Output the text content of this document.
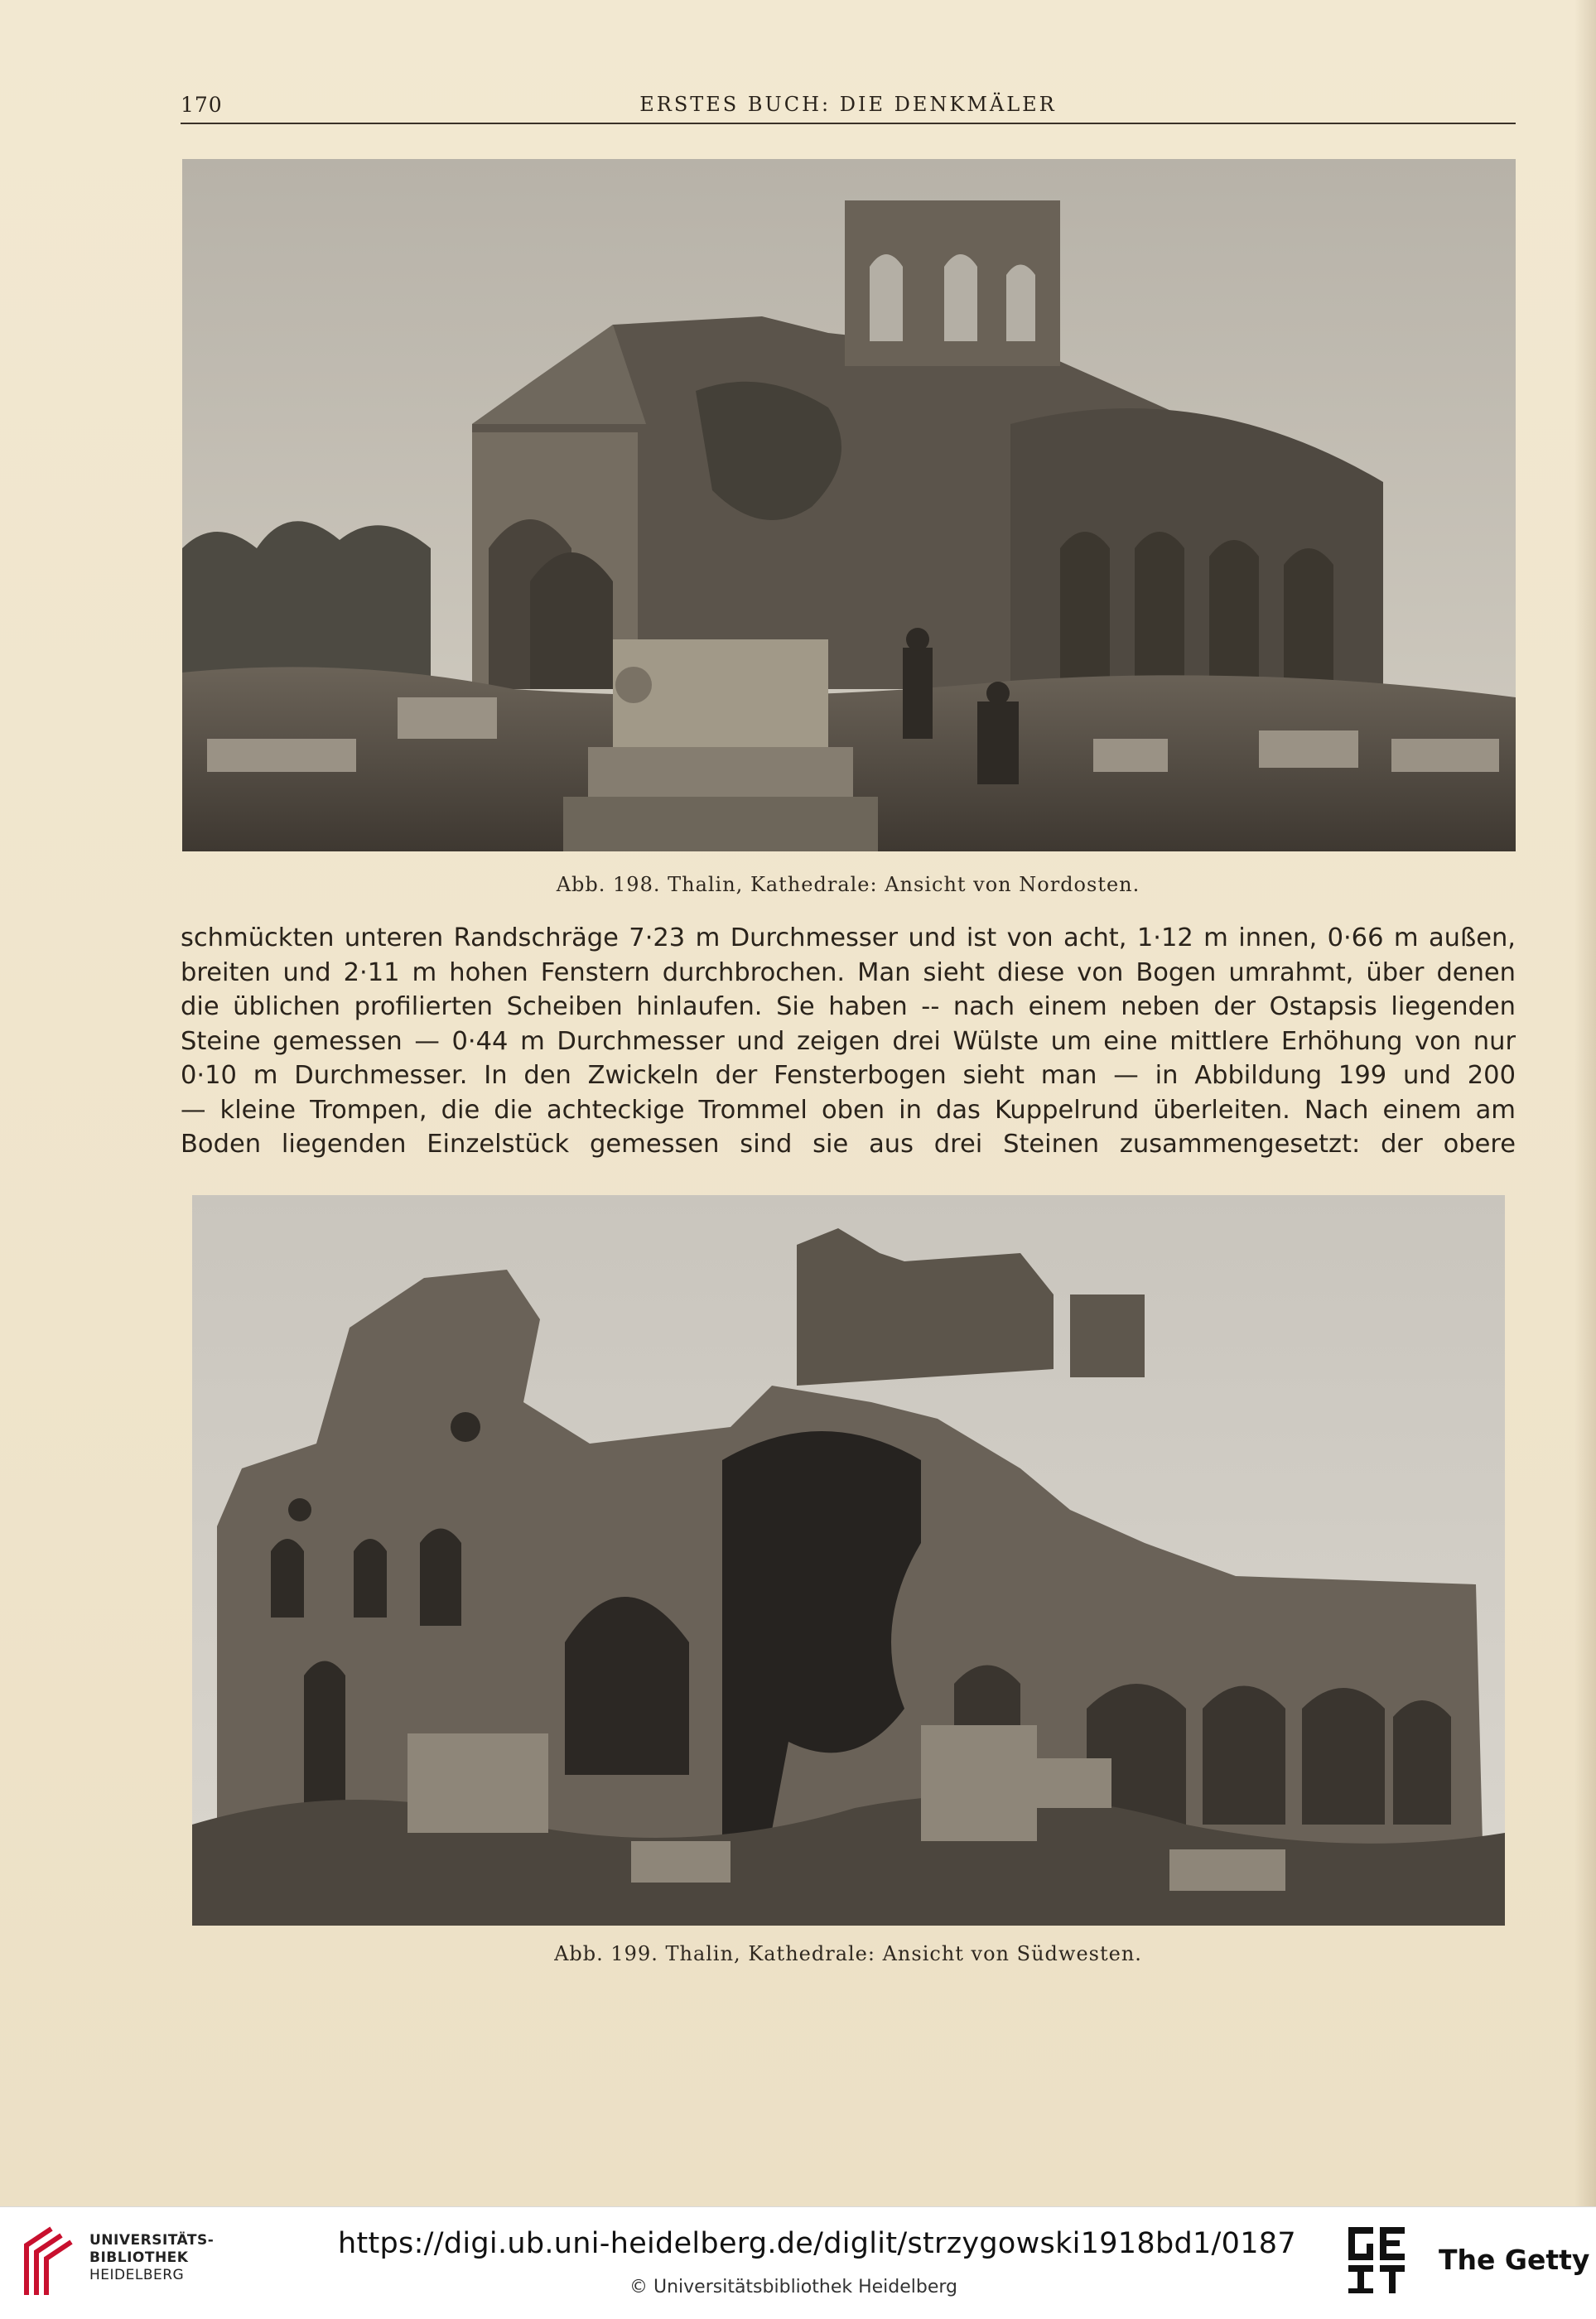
170	ERSTES BUCH: DIE DENKMÄLER
Abb. 198. Thalin, Kathedrale: Ansicht von Nordosten.
schmückten unteren Randschräge 7·23 m Durchmesser und ist von acht, 1·12 m innen, 0·66 m außen,
breiten und 2·11 m hohen Fenstern durchbrochen. Man sieht diese von Bogen umrahmt, über denen
die üblichen profilierten Scheiben hinlaufen. Sie haben -- nach einem neben der Ostapsis liegenden
Steine gemessen — 0·44 m Durchmesser und zeigen drei Wülste um eine mittlere Erhöhung von nur
0·10 m Durchmesser. In den Zwickeln der Fensterbogen sieht man — in Abbildung 199 und 200
— kleine Trompen, die die achteckige Trommel oben in das Kuppelrund überleiten. Nach einem am
Boden liegenden Einzelstück gemessen sind sie aus drei Steinen zusammengesetzt: der obere
Abb. 199. Thalin, Kathedrale: Ansicht von Südwesten.
UNIVERSITÄTS-
BIBLIOTHEK
HEIDELBERG
https://digi.ub.uni-heidelberg.de/diglit/strzygowski1918bd1/0187
© Universitätsbibliothek Heidelberg
The Getty
